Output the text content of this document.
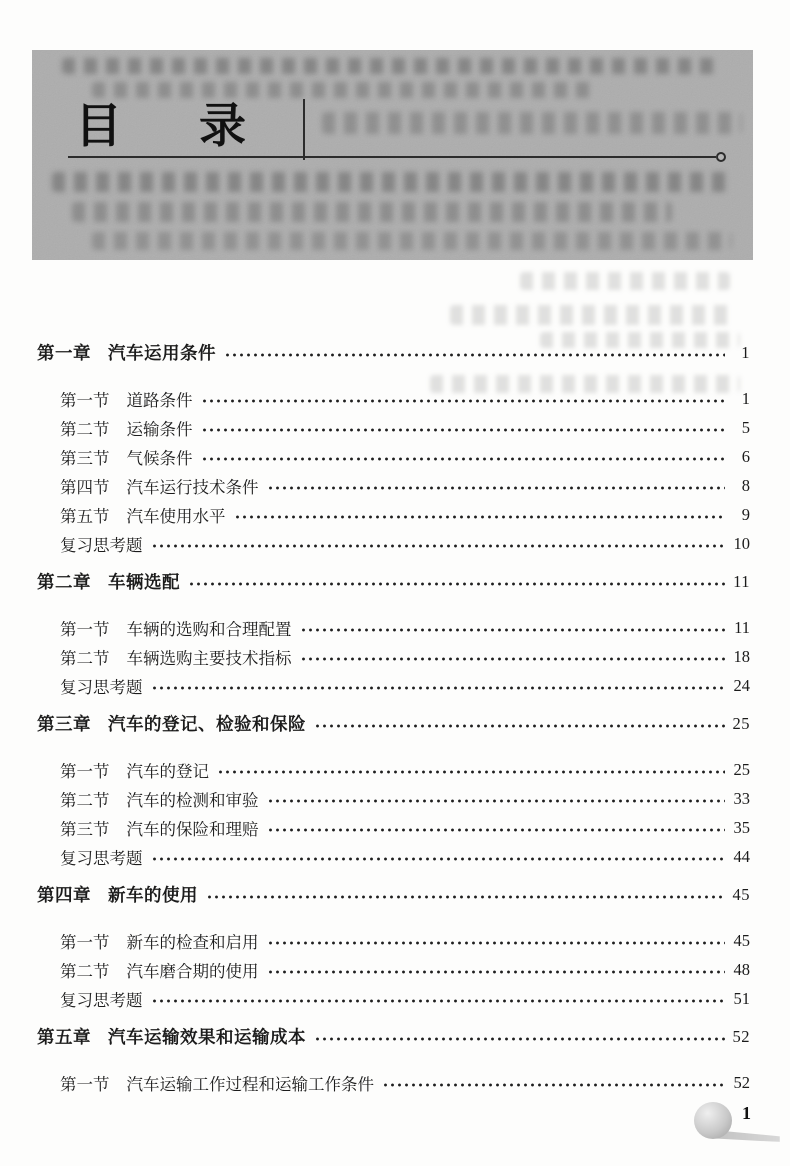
目 录
第一章 汽车运用条件	1
第一节 道路条件	1
第二节 运输条件	5
第三节 气候条件	6
第四节 汽车运行技术条件	8
第五节 汽车使用水平	9
复习思考题	10
第二章 车辆选配	11
第一节 车辆的选购和合理配置	11
第二节 车辆选购主要技术指标	18
复习思考题	24
第三章 汽车的登记、检验和保险	25
第一节 汽车的登记	25
第二节 汽车的检测和审验	33
第三节 汽车的保险和理赔	35
复习思考题	44
第四章 新车的使用	45
第一节 新车的检查和启用	45
第二节 汽车磨合期的使用	48
复习思考题	51
第五章 汽车运输效果和运输成本	52
第一节 汽车运输工作过程和运输工作条件	52
1
